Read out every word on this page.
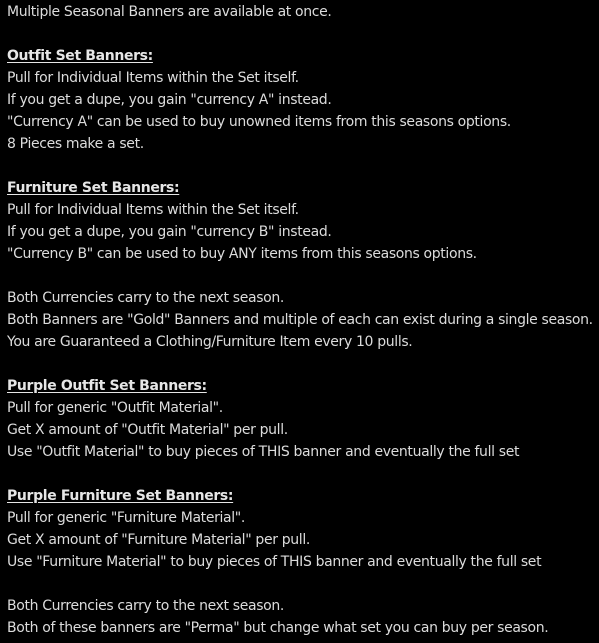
Multiple Seasonal Banners are available at once.
Outfit Set Banners:
Pull for Individual Items within the Set itself.
If you get a dupe, you gain "currency A" instead.
"Currency A" can be used to buy unowned items from this seasons options.
8 Pieces make a set.
Furniture Set Banners:
Pull for Individual Items within the Set itself.
If you get a dupe, you gain "currency B" instead.
"Currency B" can be used to buy ANY items from this seasons options.
Both Currencies carry to the next season.
Both Banners are "Gold" Banners and multiple of each can exist during a single season.
You are Guaranteed a Clothing/Furniture Item every 10 pulls.
Purple Outfit Set Banners:
Pull for generic "Outfit Material".
Get X amount of "Outfit Material" per pull.
Use "Outfit Material" to buy pieces of THIS banner and eventually the full set
Purple Furniture Set Banners:
Pull for generic "Furniture Material".
Get X amount of "Furniture Material" per pull.
Use "Furniture Material" to buy pieces of THIS banner and eventually the full set
Both Currencies carry to the next season.
Both of these banners are "Perma" but change what set you can buy per season.
